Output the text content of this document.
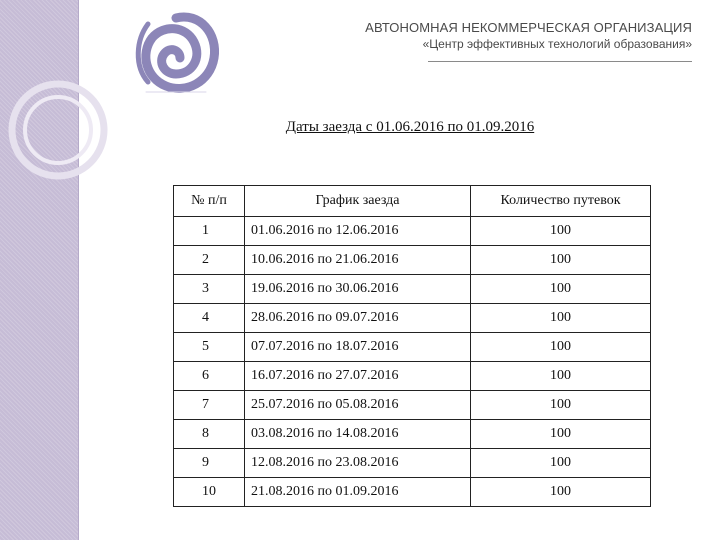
АВТОНОМНАЯ НЕКОММЕРЧЕСКАЯ ОРГАНИЗАЦИЯ
«Центр эффективных технологий образования»
Даты заезда с 01.06.2016 по 01.09.2016
№ п/п	График заезда	Количество путевок
1	01.06.2016 по 12.06.2016	100
2	10.06.2016 по 21.06.2016	100
3	19.06.2016 по 30.06.2016	100
4	28.06.2016 по 09.07.2016	100
5	07.07.2016 по 18.07.2016	100
6	16.07.2016 по 27.07.2016	100
7	25.07.2016 по 05.08.2016	100
8	03.08.2016 по 14.08.2016	100
9	12.08.2016 по 23.08.2016	100
10	21.08.2016 по 01.09.2016	100
